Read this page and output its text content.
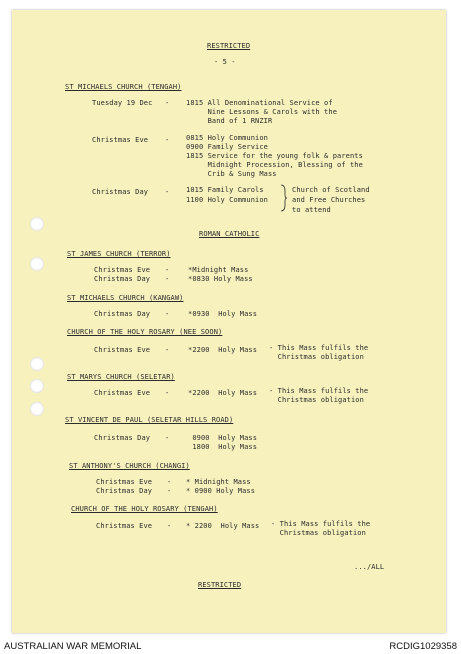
RESTRICTED
- 5 -
ST MICHAELS CHURCH (TENGAH)
Tuesday 19 Dec - 1815 All Denominational Service of
Nine Lessons & Carols with the
Band of 1 RNZIR
Christmas Eve - 0815 Holy Communion
0900 Family Service
1815 Service for the young folk & parents
Midnight Procession, Blessing of the
Crib & Sung Mass
Christmas Day - 1015 Family Carols
1100 Holy Communion
Church of Scotland
and Free Churches
to attend
ROMAN CATHOLIC
ST JAMES CHURCH (TERROR)
Christmas Eve -	*Midnight Mass
Christmas Day -	*0830 Holy Mass
ST MICHAELS CHURCH (KANGAW)
Christmas Day -	*0930  Holy Mass
CHURCH OF THE HOLY ROSARY (NEE SOON)
Christmas Eve -	*2200  Holy Mass - This Mass fulfils the
Christmas obligation
ST MARYS CHURCH (SELETAR)
Christmas Eve -	*2200  Holy Mass - This Mass fulfils the
Christmas obligation
ST VINCENT DE PAUL (SELETAR HILLS ROAD)
Christmas Day -	0900  Holy Mass
1800  Holy Mass
ST ANTHONY'S CHURCH (CHANGI)
Christmas Eve - * Midnight Mass
Christmas Day - * 0900 Holy Mass
CHURCH OF THE HOLY ROSARY (TENGAH)
Christmas Eve - * 2200  Holy Mass - This Mass fulfils the
Christmas obligation
.../ALL
RESTRICTED
AUSTRALIAN WAR MEMORIAL	RCDIG1029358
